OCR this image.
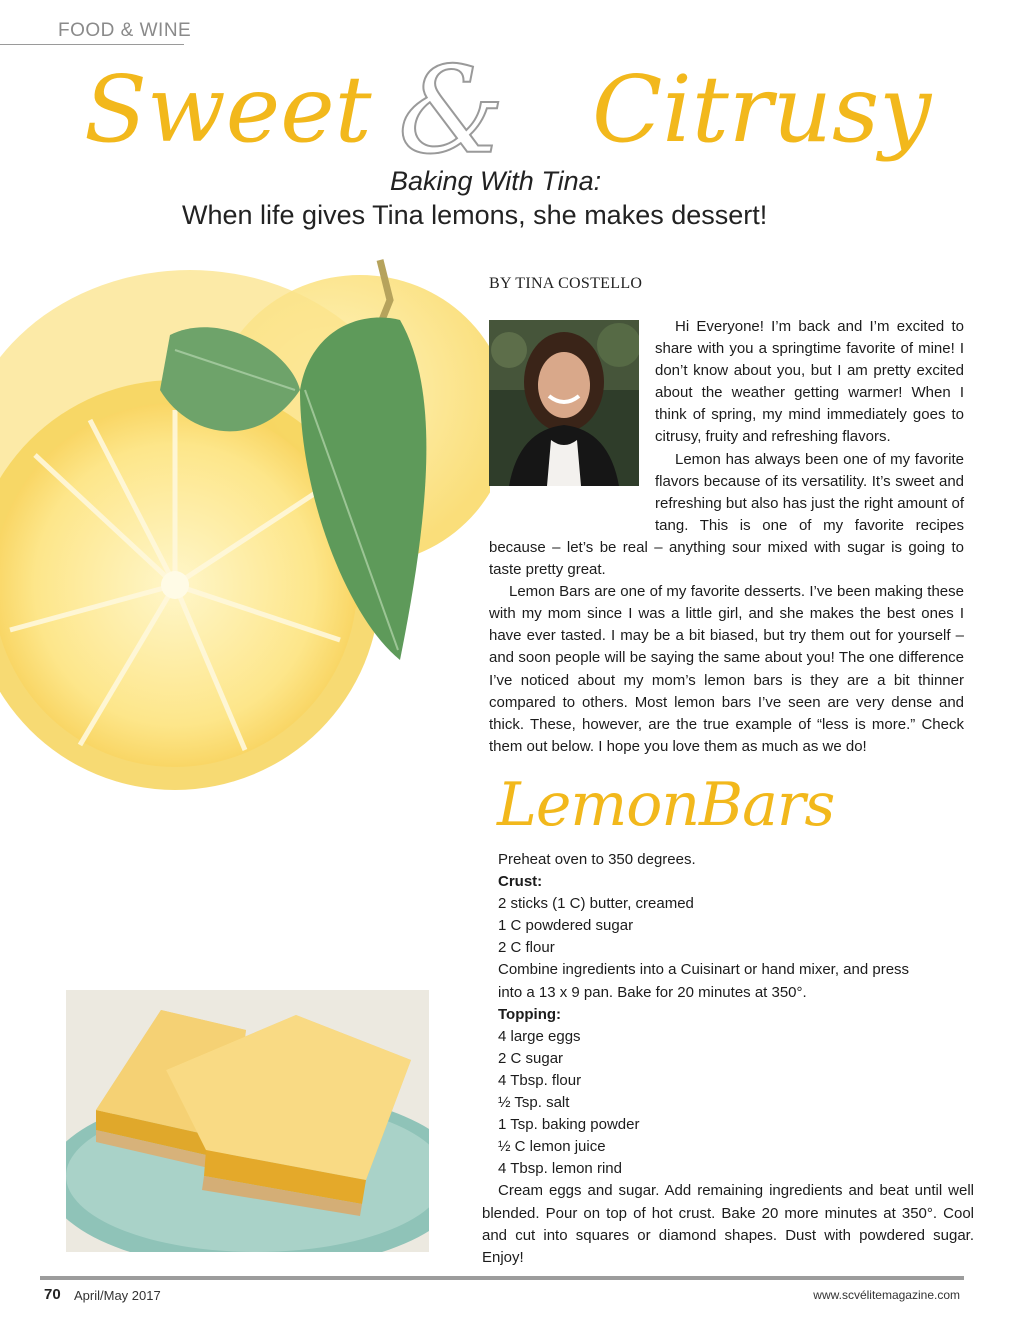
FOOD & WINE
Sweet & Citrusy
Baking With Tina:
When life gives Tina lemons, she makes dessert!
BY TINA COSTELLO

Hi Everyone! I’m back and I’m excited to share with you a springtime favorite of mine! I don’t know about you, but I am pretty excited about the weather getting warmer! When I think of spring, my mind immediately goes to citrusy, fruity and refreshing flavors.

Lemon has always been one of my favorite flavors because of its versatility. It’s sweet and refreshing but also has just the right amount of tang. This is one of my favorite recipes because – let’s be real – anything sour mixed with sugar is going to taste pretty great.

Lemon Bars are one of my favorite desserts. I’ve been making these with my mom since I was a little girl, and she makes the best ones I have ever tasted. I may be a bit biased, but try them out for yourself – and soon people will be saying the same about you! The one difference I’ve noticed about my mom’s lemon bars is they are a bit thinner compared to others. Most lemon bars I’ve seen are very dense and thick. These, however, are the true example of “less is more.” Check them out below. I hope you love them as much as we do!

LemonBars
Preheat oven to 350 degrees.
Crust:
2 sticks (1 C) butter, creamed
1 C powdered sugar
2 C flour
Combine ingredients into a Cuisinart or hand mixer, and press
into a 13 x 9 pan. Bake for 20 minutes at 350°.
Topping:
4 large eggs
2 C sugar
4 Tbsp. flour
½ Tsp. salt
1 Tsp. baking powder
½ C lemon juice
4 Tbsp. lemon rind
Cream eggs and sugar. Add remaining ingredients and beat until well blended. Pour on top of hot crust. Bake 20 more minutes at 350°. Cool and cut into squares or diamond shapes. Dust with powdered sugar. Enjoy!
70 April/May 2017	www.scvélitemagazine.com
